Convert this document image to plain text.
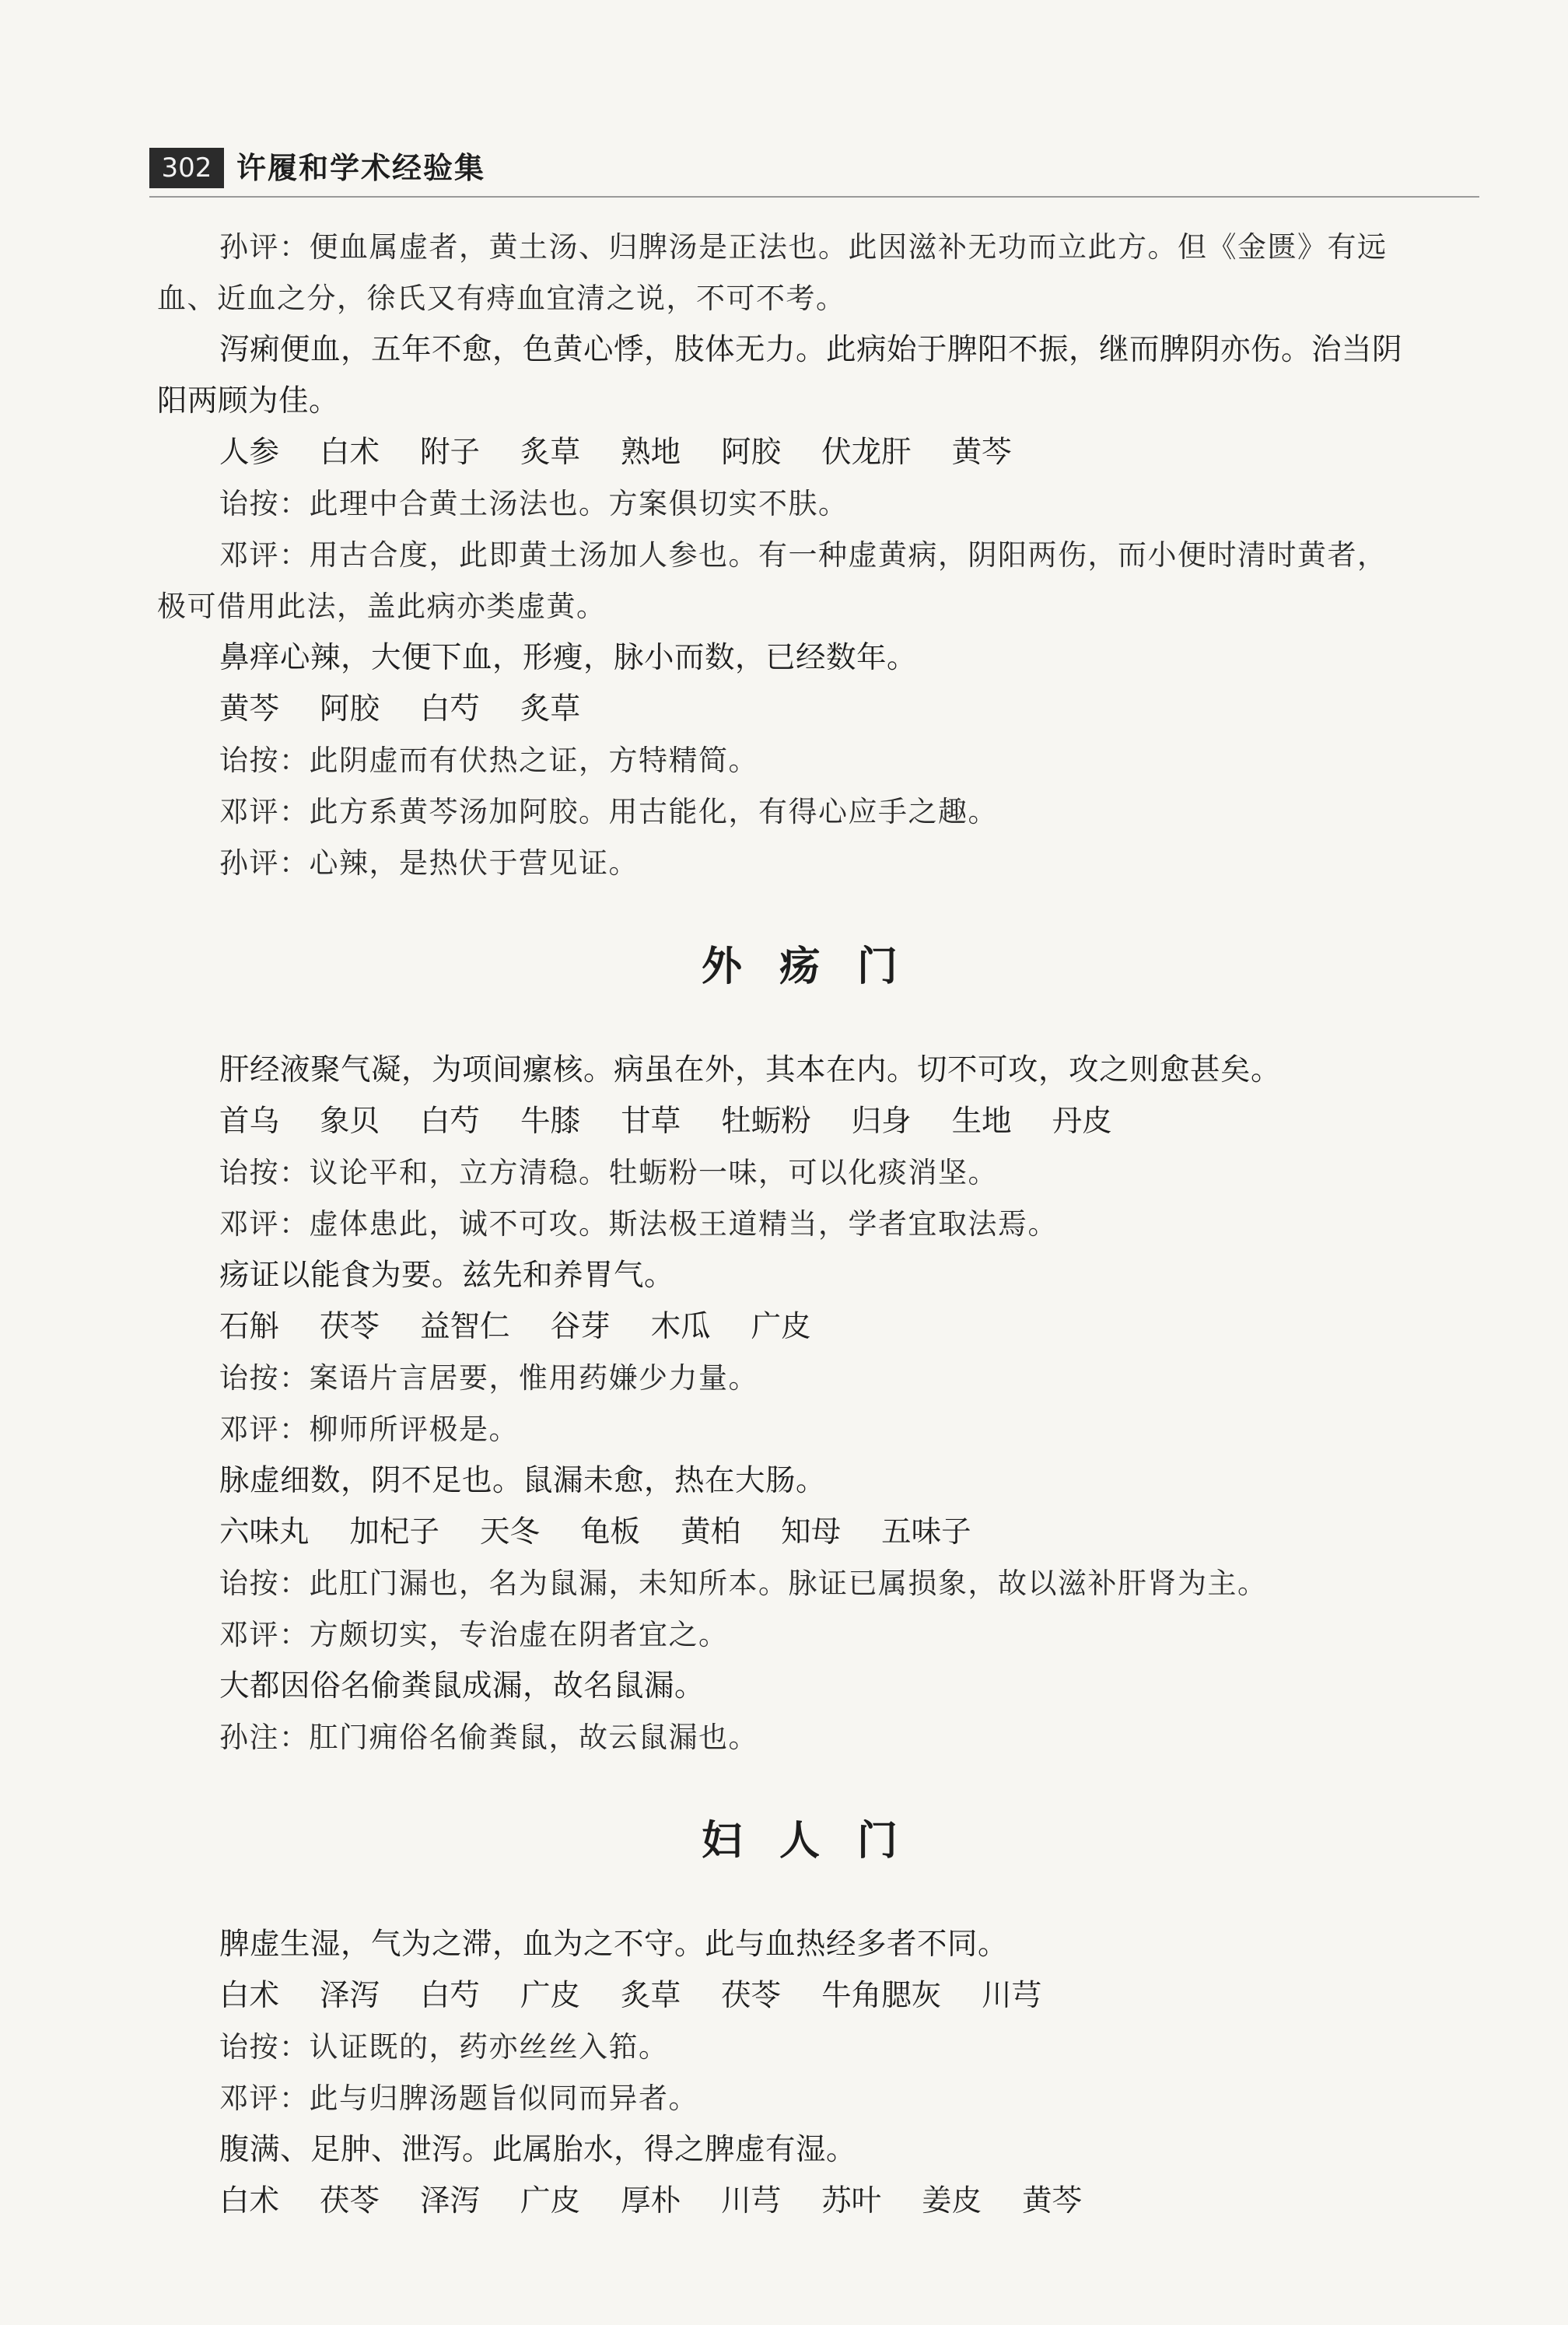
302 许履和学术经验集
孙评：便血属虚者，黄土汤、归脾汤是正法也。此因滋补无功而立此方。但《金匮》有远
血、近血之分，徐氏又有痔血宜清之说，不可不考。
泻痢便血，五年不愈，色黄心悸，肢体无力。此病始于脾阳不振，继而脾阴亦伤。治当阴
阳两顾为佳。
人参 白术 附子 炙草 熟地 阿胶 伏龙肝 黄芩
诒按：此理中合黄土汤法也。方案俱切实不肤。
邓评：用古合度，此即黄土汤加人参也。有一种虚黄病，阴阳两伤，而小便时清时黄者，
极可借用此法，盖此病亦类虚黄。
鼻痒心辣，大便下血，形瘦，脉小而数，已经数年。
黄芩 阿胶 白芍 炙草
诒按：此阴虚而有伏热之证，方特精简。
邓评：此方系黄芩汤加阿胶。用古能化，有得心应手之趣。
孙评：心辣，是热伏于营见证。
外疡门
肝经液聚气凝，为项间瘰核。病虽在外，其本在内。切不可攻，攻之则愈甚矣。
首乌 象贝 白芍 牛膝 甘草 牡蛎粉 归身 生地 丹皮
诒按：议论平和，立方清稳。牡蛎粉一味，可以化痰消坚。
邓评：虚体患此，诚不可攻。斯法极王道精当，学者宜取法焉。
疡证以能食为要。兹先和养胃气。
石斛 茯苓 益智仁 谷芽 木瓜 广皮
诒按：案语片言居要，惟用药嫌少力量。
邓评：柳师所评极是。
脉虚细数，阴不足也。鼠漏未愈，热在大肠。
六味丸 加杞子 天冬 龟板 黄柏 知母 五味子
诒按：此肛门漏也，名为鼠漏，未知所本。脉证已属损象，故以滋补肝肾为主。
邓评：方颇切实，专治虚在阴者宜之。
大都因俗名偷粪鼠成漏，故名鼠漏。
孙注：肛门痈俗名偷粪鼠，故云鼠漏也。
妇人门
脾虚生湿，气为之滞，血为之不守。此与血热经多者不同。
白术 泽泻 白芍 广皮 炙草 茯苓 牛角腮灰 川芎
诒按：认证既的，药亦丝丝入筘。
邓评：此与归脾汤题旨似同而异者。
腹满、足肿、泄泻。此属胎水，得之脾虚有湿。
白术 茯苓 泽泻 广皮 厚朴 川芎 苏叶 姜皮 黄芩
